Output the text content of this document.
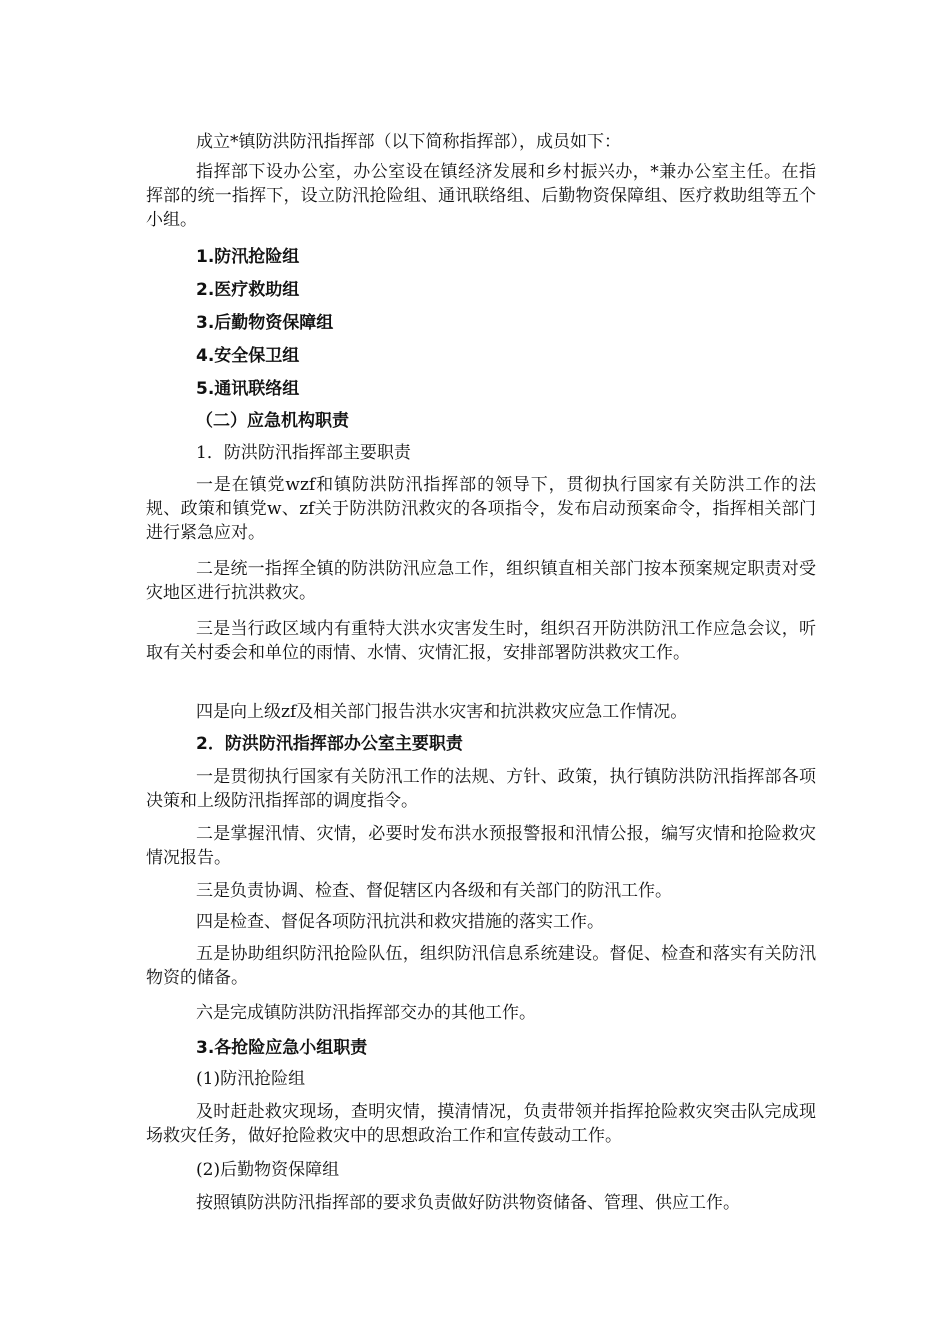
成立*镇防洪防汛指挥部（以下简称指挥部），成员如下：

指挥部下设办公室，办公室设在镇经济发展和乡村振兴办，*兼办公室主任。在指挥部的统一指挥下，设立防汛抢险组、通讯联络组、后勤物资保障组、医疗救助组等五个小组。

1.防汛抢险组

2.医疗救助组

3.后勤物资保障组

4.安全保卫组

5.通讯联络组

（二）应急机构职责

1．防洪防汛指挥部主要职责

一是在镇党wzf和镇防洪防汛指挥部的领导下，贯彻执行国家有关防洪工作的法规、政策和镇党w、zf关于防洪防汛救灾的各项指令，发布启动预案命令，指挥相关部门进行紧急应对。

二是统一指挥全镇的防洪防汛应急工作，组织镇直相关部门按本预案规定职责对受灾地区进行抗洪救灾。

三是当行政区域内有重特大洪水灾害发生时，组织召开防洪防汛工作应急会议，听取有关村委会和单位的雨情、水情、灾情汇报，安排部署防洪救灾工作。

四是向上级zf及相关部门报告洪水灾害和抗洪救灾应急工作情况。

2．防洪防汛指挥部办公室主要职责

一是贯彻执行国家有关防汛工作的法规、方针、政策，执行镇防洪防汛指挥部各项决策和上级防汛指挥部的调度指令。

二是掌握汛情、灾情，必要时发布洪水预报警报和汛情公报，编写灾情和抢险救灾情况报告。

三是负责协调、检查、督促辖区内各级和有关部门的防汛工作。

四是检查、督促各项防汛抗洪和救灾措施的落实工作。

五是协助组织防汛抢险队伍，组织防汛信息系统建设。督促、检查和落实有关防汛物资的储备。

六是完成镇防洪防汛指挥部交办的其他工作。

3.各抢险应急小组职责

(1)防汛抢险组

及时赶赴救灾现场，查明灾情，摸清情况，负责带领并指挥抢险救灾突击队完成现场救灾任务，做好抢险救灾中的思想政治工作和宣传鼓动工作。

(2)后勤物资保障组

按照镇防洪防汛指挥部的要求负责做好防洪物资储备、管理、供应工作。
